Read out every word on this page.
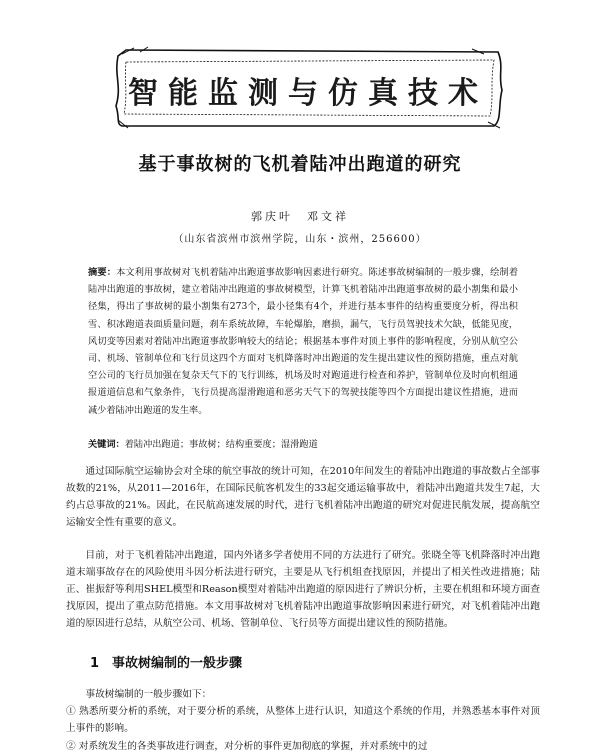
智能监测与仿真技术
基于事故树的飞机着陆冲出跑道的研究
郭庆叶　邓文祥
（山东省滨州市滨州学院，山东・滨州，256600）
摘要：本文利用事故树对飞机着陆冲出跑道事故影响因素进行研究。陈述事故树编制的一般步骤，绘制着陆冲出跑道的事故树，建立着陆冲出跑道的事故树模型，计算飞机着陆冲出跑道事故树的最小割集和最小径集，得出了事故树的最小割集有273个，最小径集有4个，并进行基本事件的结构重要度分析，得出积雪、积冰跑道表面质量问题，刹车系统故障，车轮爆胎，磨损，漏气，飞行员驾驶技术欠缺，低能见度，风切变等因素对着陆冲出跑道事故影响较大的结论；根据基本事件对顶上事件的影响程度，分别从航空公司、机场、管制单位和飞行员这四个方面对飞机降落时冲出跑道的发生提出建议性的预防措施，重点对航空公司的飞行员加强在复杂天气下的飞行训练，机场及时对跑道进行检查和养护，管制单位及时向机组通报道道信息和气象条件，飞行员提高湿滑跑道和恶劣天气下的驾驶技能等四个方面提出建议性措施，进而减少着陆冲出跑道的发生率。
关键词：着陆冲出跑道；事故树；结构重要度；湿滑跑道
通过国际航空运输协会对全球的航空事故的统计可知，在2010年间发生的着陆冲出跑道的事故数占全部事故数的21%，从2011—2016年，在国际民航客机发生的33起交通运输事故中，着陆冲出跑道共发生7起，大约占总事故的21%。因此，在民航高速发展的时代，进行飞机着陆冲出跑道的研究对促进民航发展，提高航空运输安全性有重要的意义。
目前，对于飞机着陆冲出跑道，国内外诸多学者使用不同的方法进行了研究。张晓全等飞机降落时冲出跑道末端事故存在的风险使用斗因分析法进行研究，主要是从飞行机组查找原因，并提出了相关性改进措施；陆正、崔振舒等利用SHEL模型和Reason模型对着陆冲出跑道的原因进行了辨识分析，主要在机组和环境方面查找原因，提出了重点防范措施。本文用事故树对飞机着陆冲出跑道事故影响因素进行研究，对飞机着陆冲出跑道的原因进行总结，从航空公司、机场、管制单位、飞行员等方面提出建议性的预防措施。
1 事故树编制的一般步骤
事故树编制的一般步骤如下：
① 熟悉所要分析的系统，对于要分析的系统，从整体上进行认识，知道这个系统的作用，并熟悉基本事件对顶上事件的影响。
② 对系统发生的各类事故进行调查，对分析的事件更加彻底的掌握，并对系统中的过
